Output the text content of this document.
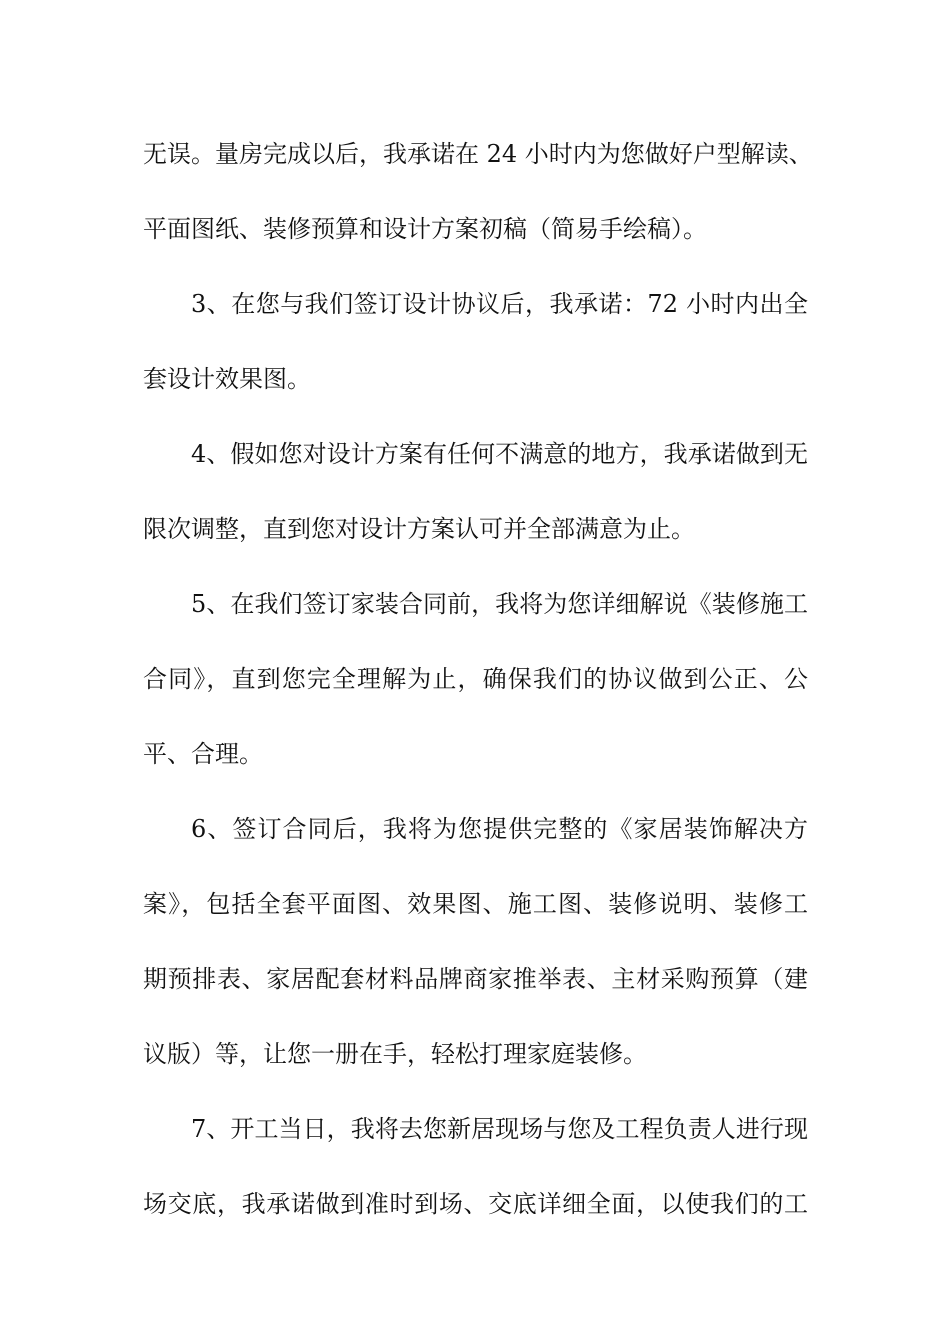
无误。量房完成以后，我承诺在 24 小时内为您做好户型解读、
平面图纸、装修预算和设计方案初稿（简易手绘稿）。
3、在您与我们签订设计协议后，我承诺：72 小时内出全
套设计效果图。
4、假如您对设计方案有任何不满意的地方，我承诺做到无
限次调整，直到您对设计方案认可并全部满意为止。
5、在我们签订家装合同前，我将为您详细解说《装修施工
合同》，直到您完全理解为止，确保我们的协议做到公正、公
平、合理。
6、签订合同后，我将为您提供完整的《家居装饰解决方
案》，包括全套平面图、效果图、施工图、装修说明、装修工
期预排表、家居配套材料品牌商家推举表、主材采购预算（建
议版）等，让您一册在手，轻松打理家庭装修。
7、开工当日，我将去您新居现场与您及工程负责人进行现
场交底，我承诺做到准时到场、交底详细全面，以使我们的工
